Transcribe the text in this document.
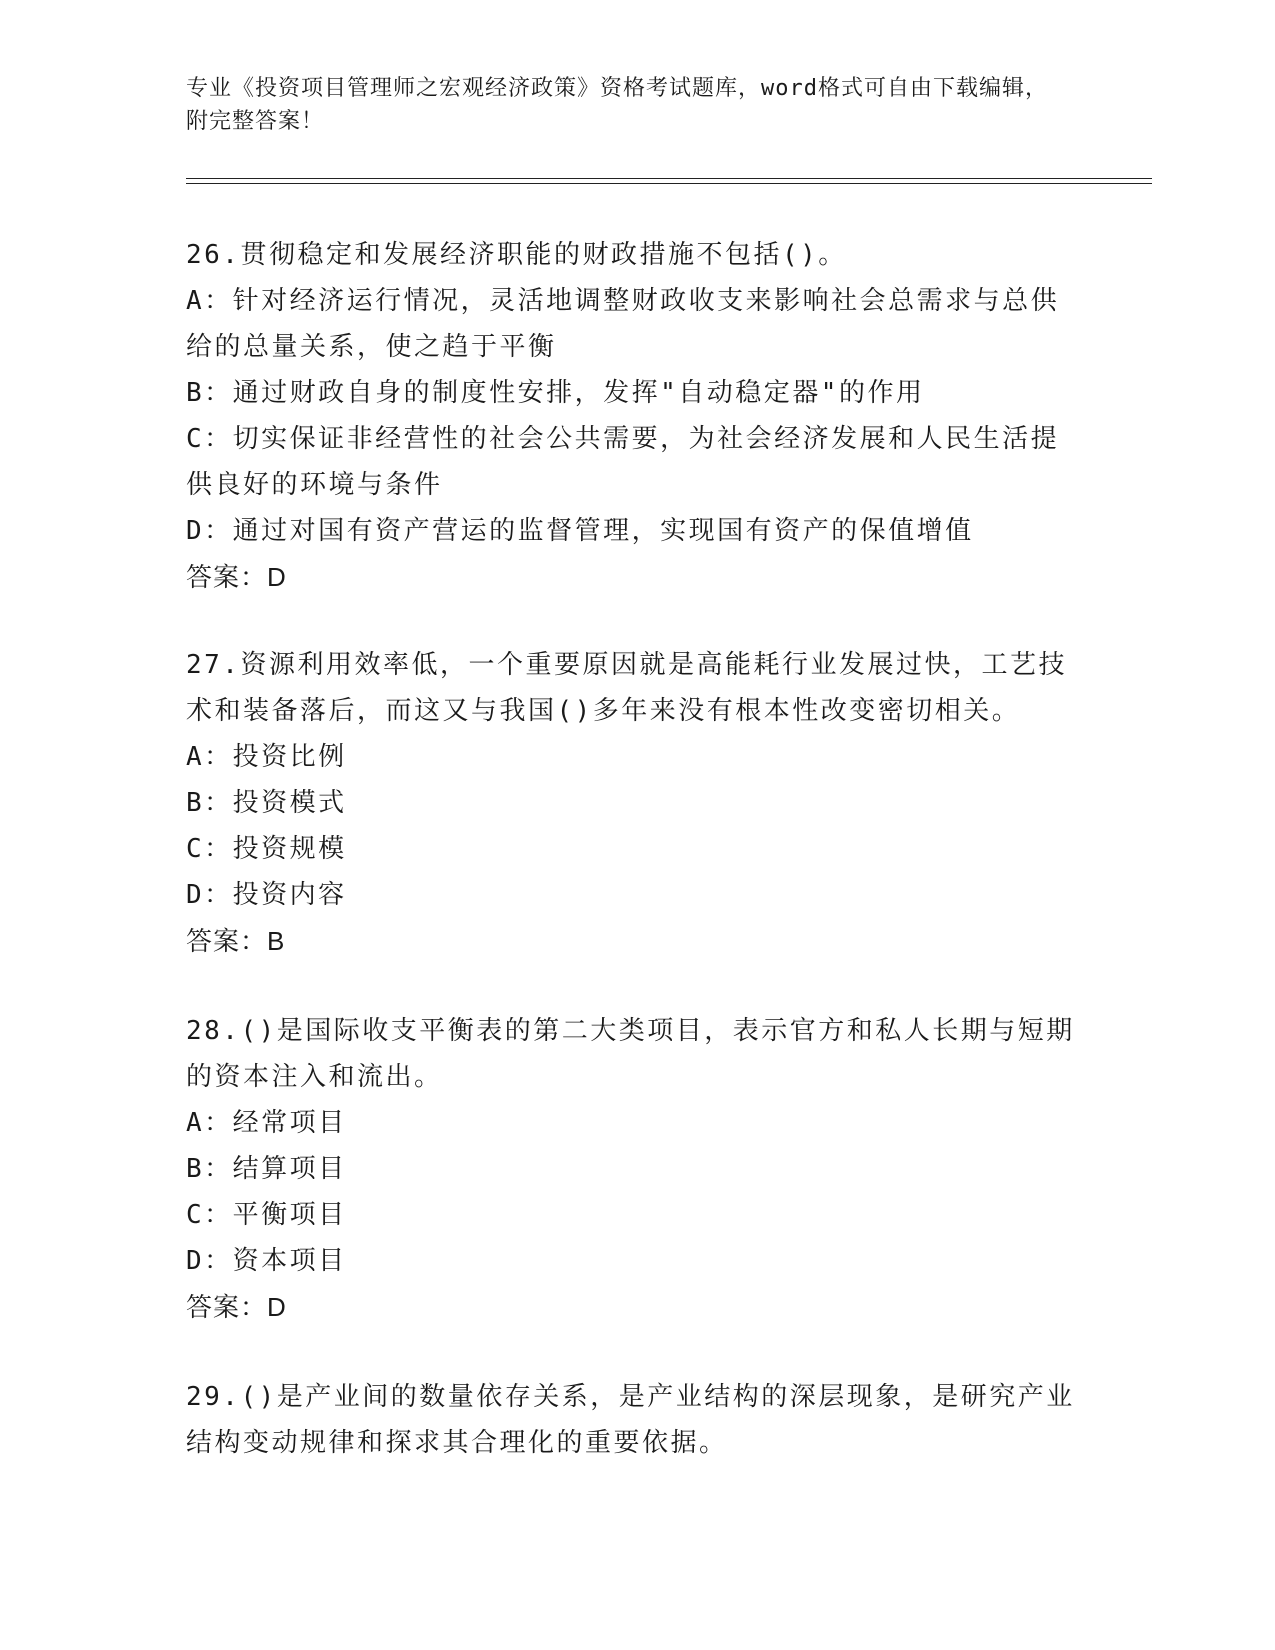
专业《投资项目管理师之宏观经济政策》资格考试题库，word格式可自由下载编辑，附完整答案！

26.贯彻稳定和发展经济职能的财政措施不包括()。

A：针对经济运行情况，灵活地调整财政收支来影响社会总需求与总供给的总量关系，使之趋于平衡

B：通过财政自身的制度性安排，发挥"自动稳定器"的作用

C：切实保证非经营性的社会公共需要，为社会经济发展和人民生活提供良好的环境与条件

D：通过对国有资产营运的监督管理，实现国有资产的保值增值

答案：D

27.资源利用效率低，一个重要原因就是高能耗行业发展过快，工艺技术和装备落后，而这又与我国()多年来没有根本性改变密切相关。

A：投资比例

B：投资模式

C：投资规模

D：投资内容

答案：B

28.()是国际收支平衡表的第二大类项目，表示官方和私人长期与短期的资本注入和流出。

A：经常项目

B：结算项目

C：平衡项目

D：资本项目

答案：D

29.()是产业间的数量依存关系，是产业结构的深层现象，是研究产业结构变动规律和探求其合理化的重要依据。
